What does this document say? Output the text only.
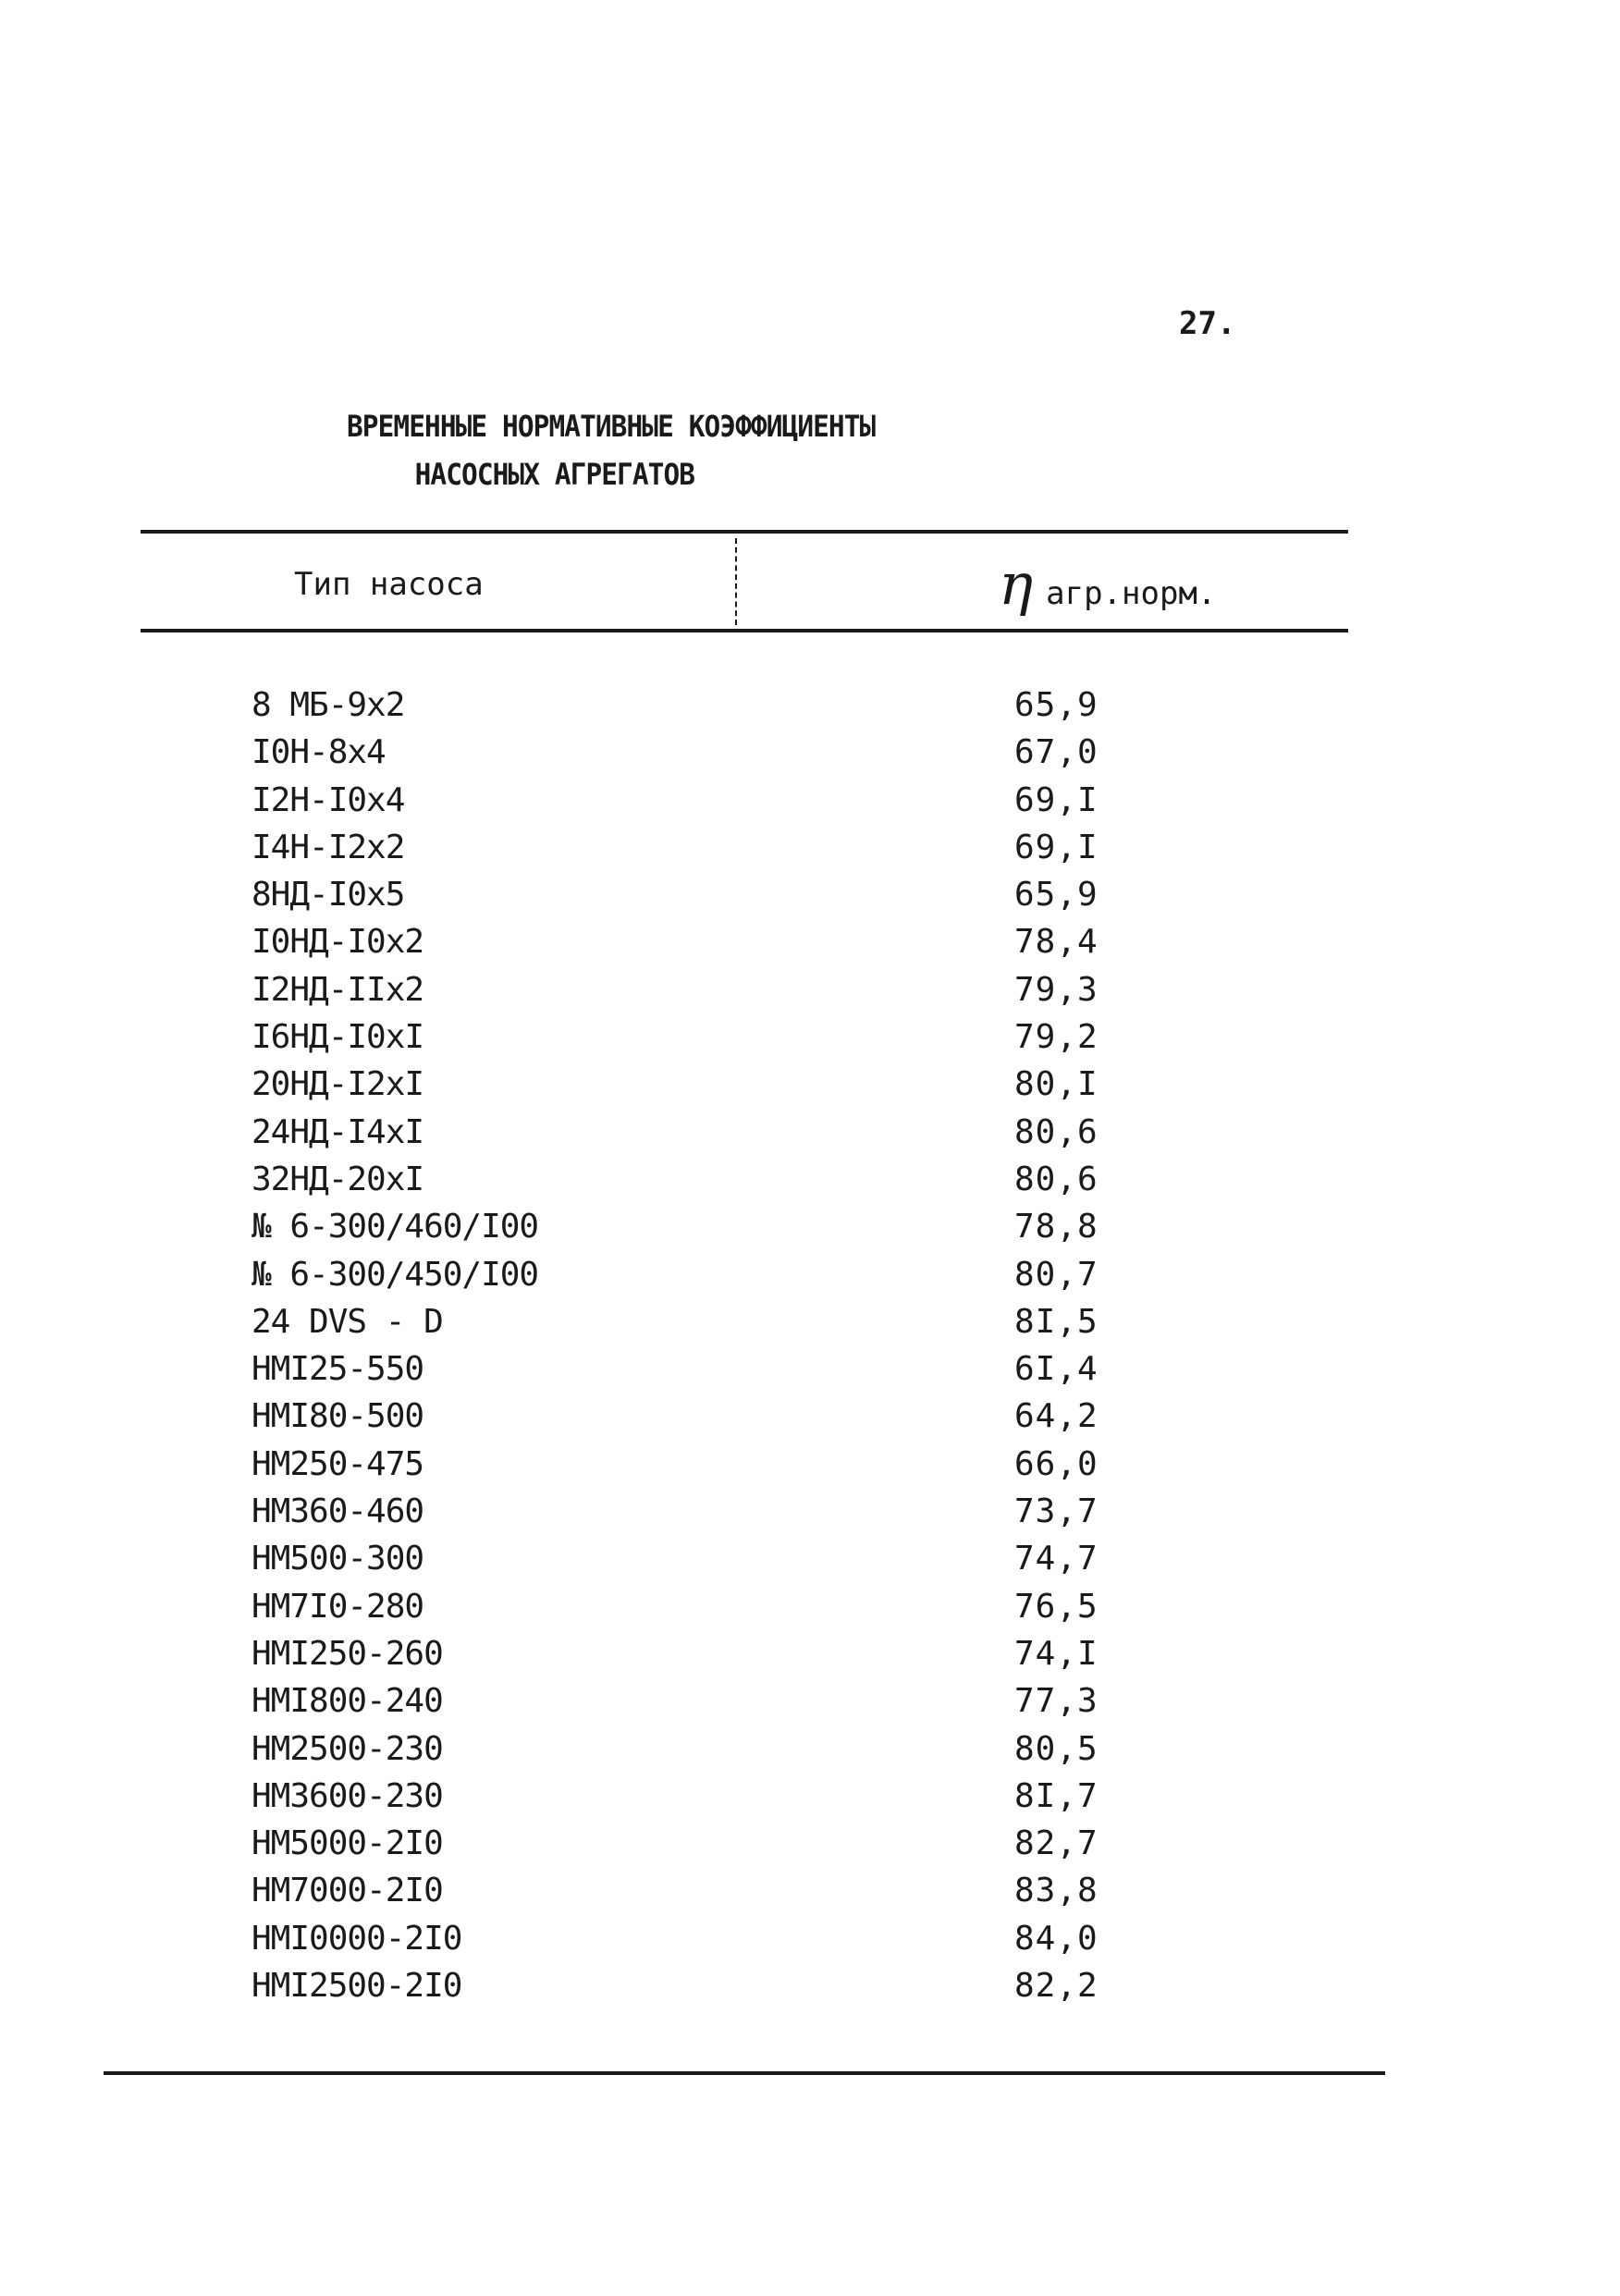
27.
ВРЕМЕННЫЕ НОРМАТИВНЫЕ КОЭФФИЦИЕНТЫ
НАСОСНЫХ АГРЕГАТОВ
Тип насоса	η агр.норм.
8 МБ-9х2	65,9
I0Н-8х4	67,0
I2Н-I0х4	69,I
I4Н-I2х2	69,I
8НД-I0х5	65,9
I0НД-I0х2	78,4
I2НД-IIх2	79,3
I6НД-I0хI	79,2
20НД-I2хI	80,I
24НД-I4хI	80,6
32НД-20хI	80,6
№ 6-300/460/I00	78,8
№ 6-300/450/I00	80,7
24 DVS - D	8I,5
НМI25-550	6I,4
НМI80-500	64,2
НМ250-475	66,0
НМ360-460	73,7
НМ500-300	74,7
НМ7I0-280	76,5
НМI250-260	74,I
НМI800-240	77,3
НМ2500-230	80,5
НМ3600-230	8I,7
НМ5000-2I0	82,7
НМ7000-2I0	83,8
НМI0000-2I0	84,0
НМI2500-2I0	82,2
